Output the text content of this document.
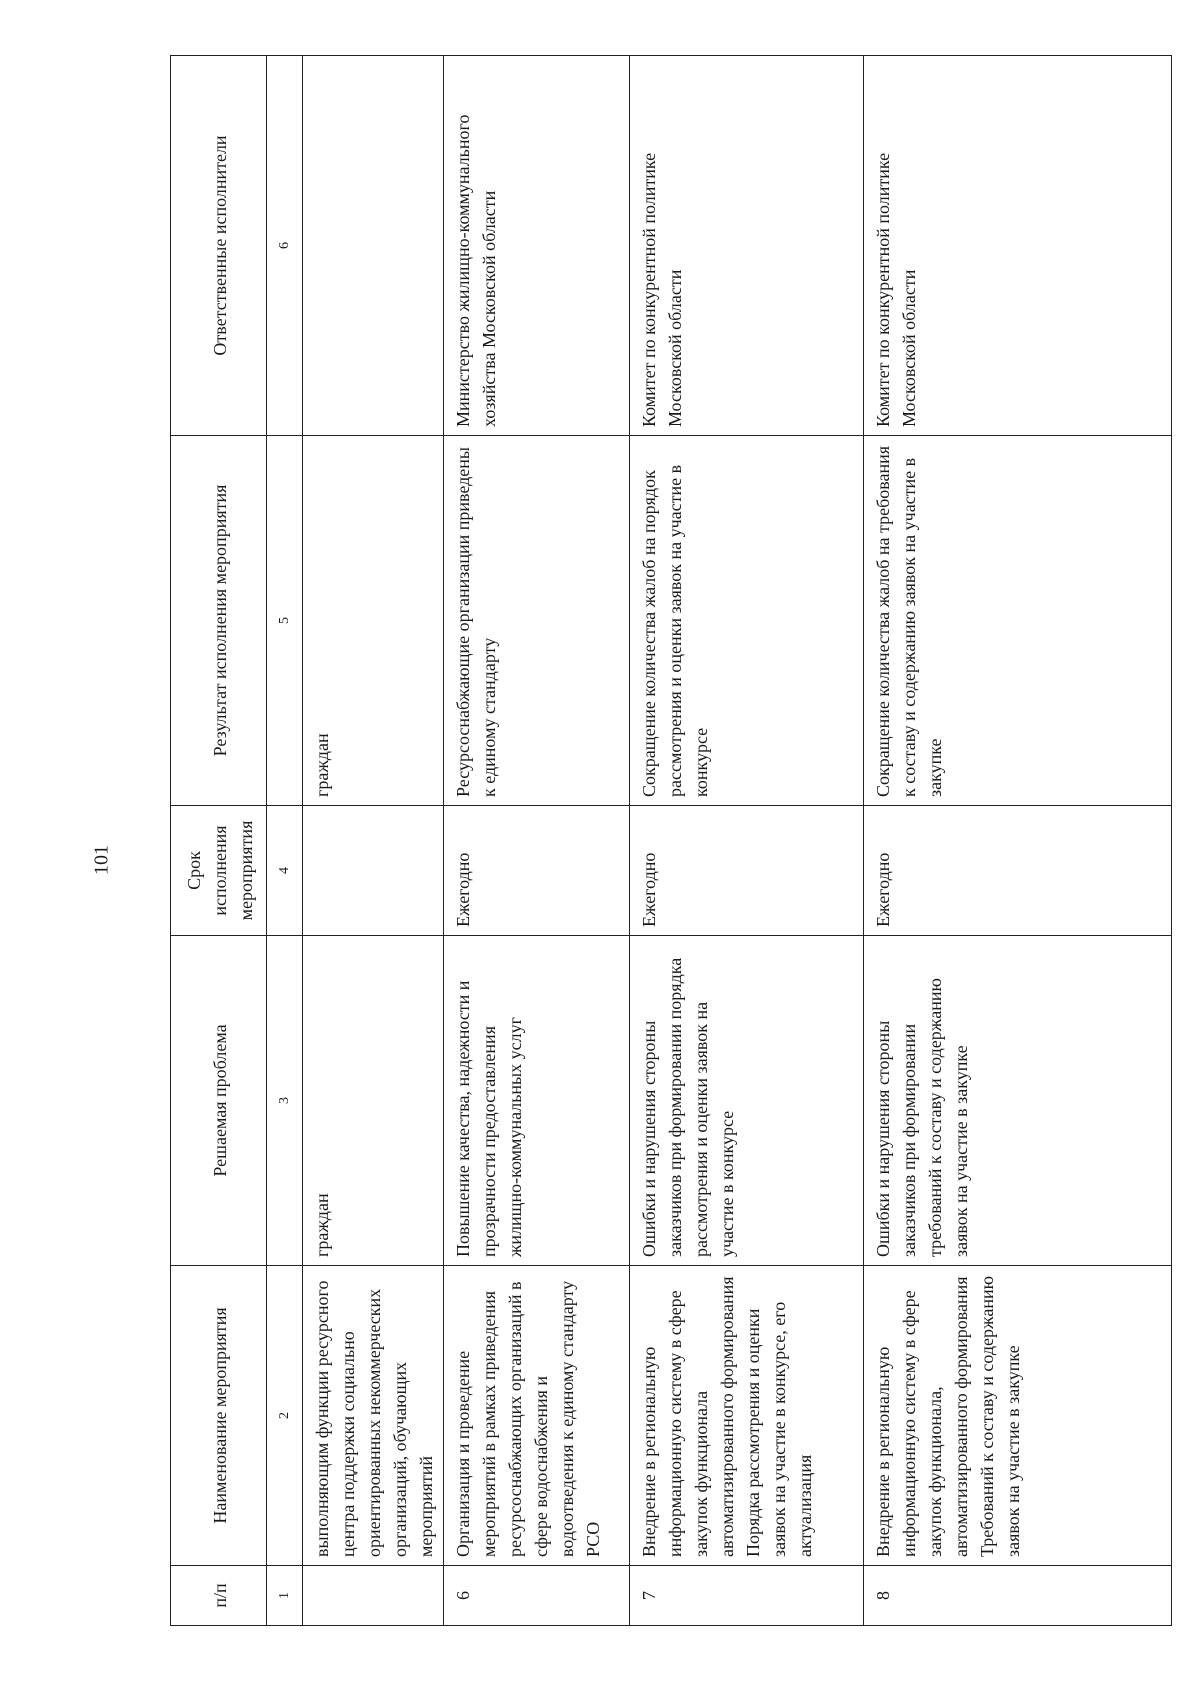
101
п/п	Наименование мероприятия	Решаемая проблема	Срок исполнения мероприятия	Результат исполнения мероприятия	Ответственные исполнители
1	2	3	4	5	6
	выполняющим функции ресурсного центра поддержки социально ориентированных некоммерческих организаций, обучающих мероприятий	граждан		граждан	
6	Организация и проведение мероприятий в рамках приведения ресурсоснабжающих организаций в сфере водоснабжения и водоотведения к единому стандарту РСО	Повышение качества, надежности и прозрачности предоставления жилищно-коммунальных услуг	Ежегодно	Ресурсоснабжающие организации приведены к единому стандарту	Министерство жилищно-коммунального хозяйства Московской области
7	Внедрение в региональную информационную систему в сфере закупок функционала автоматизированного формирования Порядка рассмотрения и оценки заявок на участие в конкурсе, его актуализация	Ошибки и нарушения стороны заказчиков при формировании порядка рассмотрения и оценки заявок на участие в конкурсе	Ежегодно	Сокращение количества жалоб на порядок рассмотрения и оценки заявок на участие в конкурсе	Комитет по конкурентной политике Московской области
8	Внедрение в региональную информационную систему в сфере закупок функционала, автоматизированного формирования Требований к составу и содержанию заявок на участие в закупке	Ошибки и нарушения стороны заказчиков при формировании требований к составу и содержанию заявок на участие в закупке	Ежегодно	Сокращение количества жалоб на требования к составу и содержанию заявок на участие в закупке	Комитет по конкурентной политике Московской области
